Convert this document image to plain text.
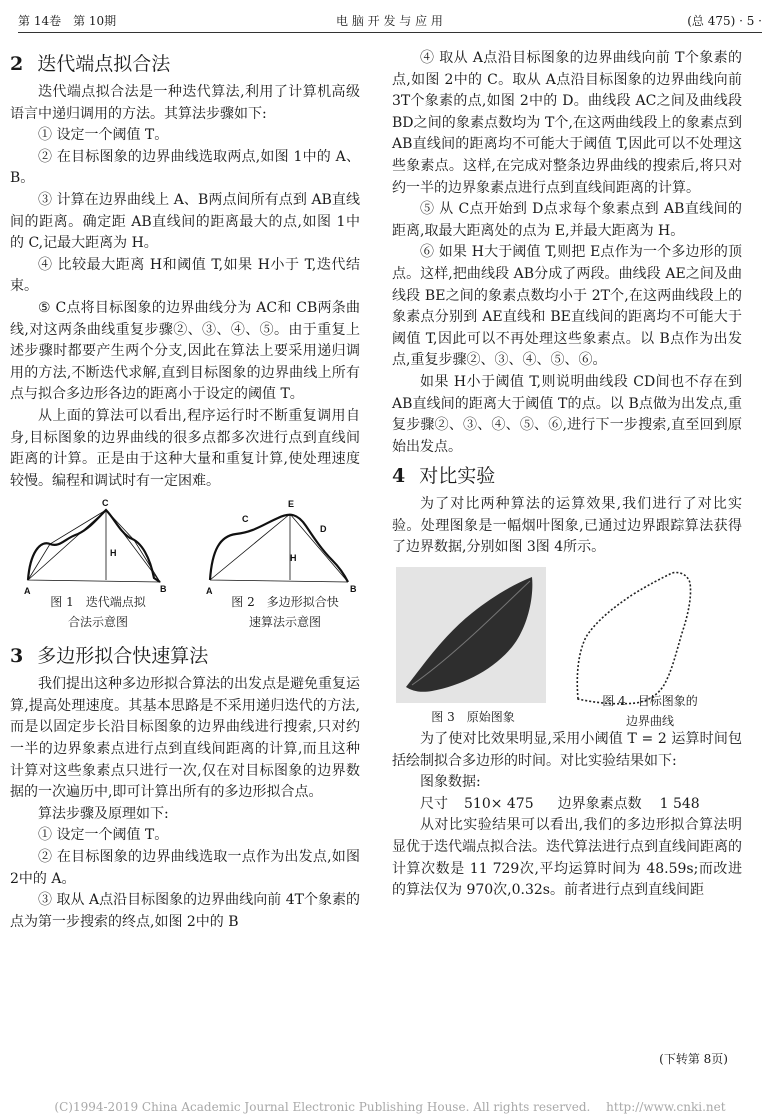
第 14卷　第 10期	电 脑 开 发 与 应 用	(总 475) · 5 ·
2 迭代端点拟合法

迭代端点拟合法是一种迭代算法,利用了计算机高级语言中递归调用的方法。其算法步骤如下:

① 设定一个阈值 T。

② 在目标图象的边界曲线选取两点,如图 1中的 A、B。

③ 计算在边界曲线上 A、B两点间所有点到 AB直线间的距离。确定距 AB直线间的距离最大的点,如图 1中的 C,记最大距离为 H。

④ 比较最大距离 H和阈值 T,如果 H小于 T,迭代结束。

⑤ C点将目标图象的边界曲线分为 AC和 CB两条曲线,对这两条曲线重复步骤②、③、④、⑤。由于重复上述步骤时都要产生两个分支,因此在算法上要采用递归调用的方法,不断迭代求解,直到目标图象的边界曲线上所有点与拟合多边形各边的距离小于设定的阈值 T。

从上面的算法可以看出,程序运行时不断重复调用自身,目标图象的边界曲线的很多点都多次进行点到直线间距离的计算。正是由于这种大量和重复计算,使处理速度较慢。编程和调试时有一定困难。

A	B
C
H
A	B
C
E
D
H
图 1　迭代端点拟
合法示意图
图 2　多边形拟合快
速算法示意图
3 多边形拟合快速算法

我们提出这种多边形拟合算法的出发点是避免重复运算,提高处理速度。其基本思路是不采用递归迭代的方法,而是以固定步长沿目标图象的边界曲线进行搜索,只对约一半的边界象素点进行点到直线间距离的计算,而且这种计算对这些象素点只进行一次,仅在对目标图象的边界数据的一次遍历中,即可计算出所有的多边形拟合点。

算法步骤及原理如下:

① 设定一个阈值 T。

② 在目标图象的边界曲线选取一点作为出发点,如图 2中的 A。

③ 取从 A点沿目标图象的边界曲线向前 4T个象素的点为第一步搜索的终点,如图 2中的 B

④ 取从 A点沿目标图象的边界曲线向前 T个象素的点,如图 2中的 C。取从 A点沿目标图象的边界曲线向前 3T个象素的点,如图 2中的 D。曲线段 AC之间及曲线段 BD之间的象素点数均为 T个,在这两曲线段上的象素点到 AB直线间的距离均不可能大于阈值 T,因此可以不处理这些象素点。这样,在完成对整条边界曲线的搜索后,将只对约一半的边界象素点进行点到直线间距离的计算。

⑤ 从 C点开始到 D点求每个象素点到 AB直线间的距离,取最大距离处的点为 E,并最大距离为 H。

⑥ 如果 H大于阈值 T,则把 E点作为一个多边形的顶点。这样,把曲线段 AB分成了两段。曲线段 AE之间及曲线段 BE之间的象素点数均小于 2T个,在这两曲线段上的象素点分别到 AE直线和 BE直线间的距离均不可能大于阈值 T,因此可以不再处理这些象素点。以 B点作为出发点,重复步骤②、③、④、⑤、⑥。

如果 H小于阈值 T,则说明曲线段 CD间也不存在到 AB直线间的距离大于阈值 T的点。以 B点做为出发点,重复步骤②、③、④、⑤、⑥,进行下一步搜索,直至回到原始出发点。

4 对比实验

为了对比两种算法的运算效果,我们进行了对比实验。处理图象是一幅烟叶图象,已通过边界跟踪算法获得了边界数据,分别如图 3图 4所示。

图 3　原始图象
图 4　目标图象的
边界曲线

为了使对比效果明显,采用小阈值 T = 2 运算时间包括绘制拟合多边形的时间。对比实验结果如下:

图象数据:

尺寸 510× 475 边界象素点数 1 548

从对比实验结果可以看出,我们的多边形拟合算法明显优于迭代端点拟合法。迭代算法进行点到直线间距离的计算次数是 11 729次,平均运算时间为 48.59s;而改进的算法仅为 970次,0.32s。前者进行点到直线间距

(下转第 8页)
(C)1994-2019 China Academic Journal Electronic Publishing House. All rights reserved.　 http://www.cnki.net
